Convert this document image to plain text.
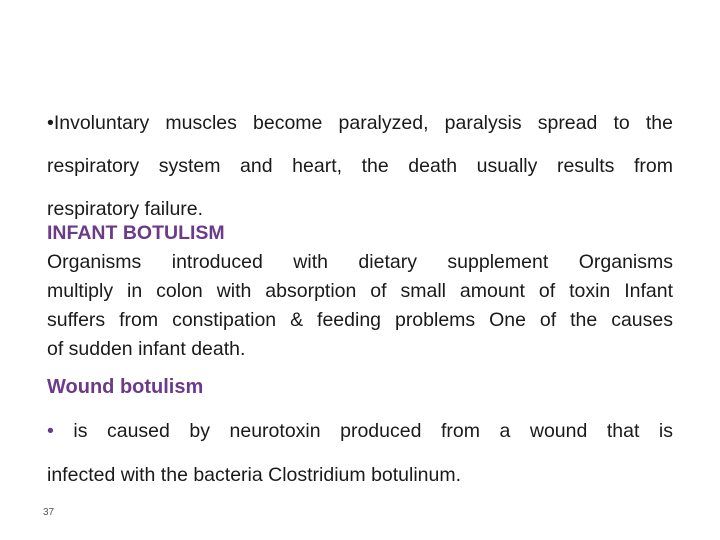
•Involuntary muscles become paralyzed, paralysis spread to the
respiratory system and heart, the death usually results from
respiratory failure.

INFANT BOTULISM

Organisms introduced with dietary supplement Organisms
multiply in colon with absorption of small amount of toxin Infant
suffers from constipation & feeding problems One of the causes
of sudden infant death.

Wound botulism

• is caused by neurotoxin produced from a wound that is
infected with the bacteria Clostridium botulinum.

37
